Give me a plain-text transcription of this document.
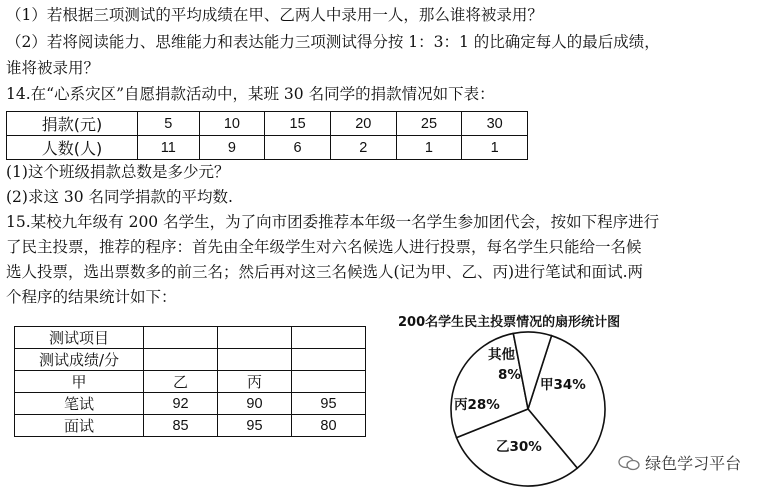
（1）若根据三项测试的平均成绩在甲、乙两人中录用一人，那么谁将被录用？
（2）若将阅读能力、思维能力和表达能力三项测试得分按 1：3：1 的比确定每人的最后成绩，
谁将被录用？
14.在“心系灾区”自愿捐款活动中，某班 30 名同学的捐款情况如下表：
捐款(元)	5	10	15	20	25	30
人数(人)	11	9	6	2	1	1
(1)这个班级捐款总数是多少元？
(2)求这 30 名同学捐款的平均数.
15.某校九年级有 200 名学生，为了向市团委推荐本年级一名学生参加团代会，按如下程序进行
了民主投票，推荐的程序：首先由全年级学生对六名候选人进行投票，每名学生只能给一名候
选人投票，选出票数多的前三名；然后再对这三名候选人(记为甲、乙、丙)进行笔试和面试.两
个程序的结果统计如下：
测试项目			
测试成绩/分			
甲	乙	丙	
笔试	92	90	95
面试	85	95	80
200名学生民主投票情况的扇形统计图
甲34%
乙30%
丙28%
其他
8%
绿色学习平台
